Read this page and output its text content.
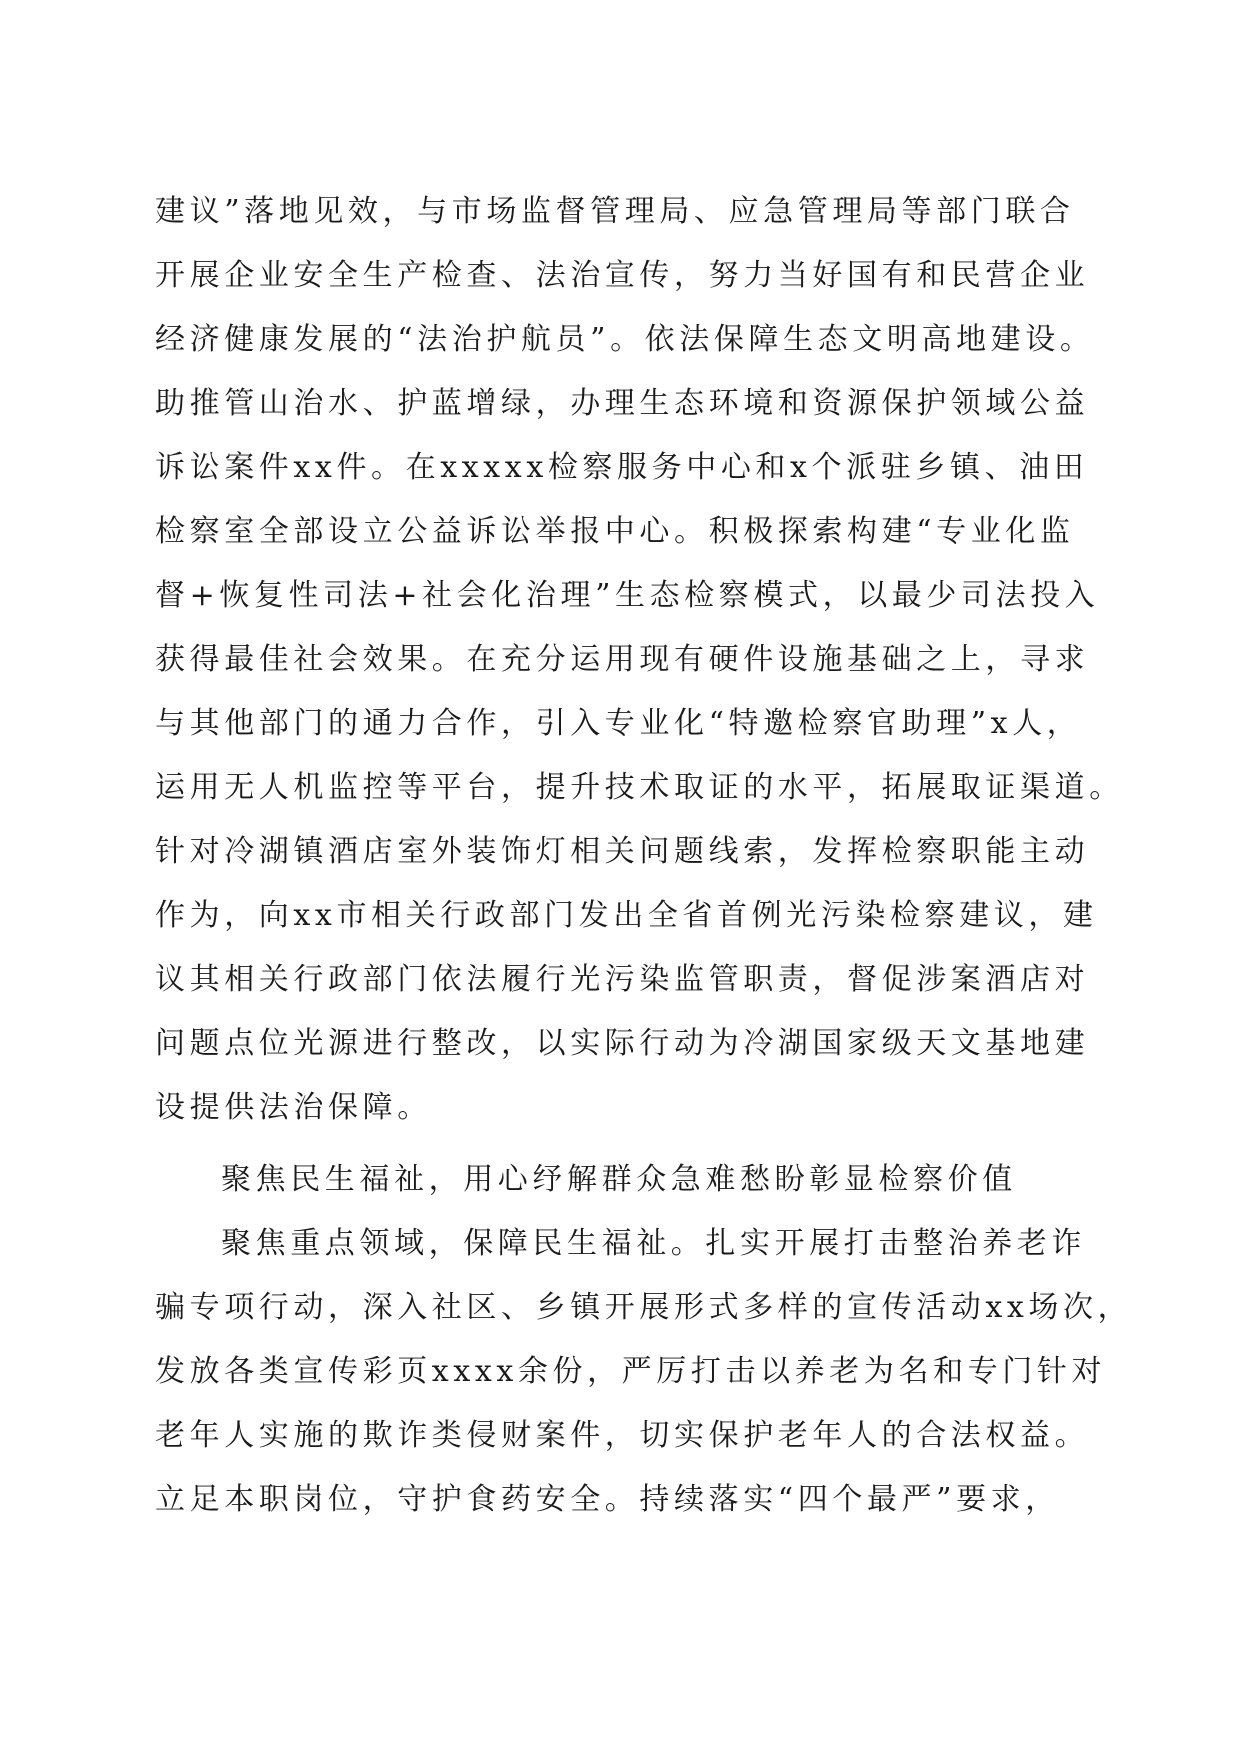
建议”落地见效，与市场监督管理局、应急管理局等部门联合
开展企业安全生产检查、法治宣传，努力当好国有和民营企业
经济健康发展的“法治护航员”。依法保障生态文明高地建设。
助推管山治水、护蓝增绿，办理生态环境和资源保护领域公益
诉讼案件xx件。在xxxxx检察服务中心和x个派驻乡镇、油田
检察室全部设立公益诉讼举报中心。积极探索构建“专业化监
督+恢复性司法+社会化治理”生态检察模式，以最少司法投入
获得最佳社会效果。在充分运用现有硬件设施基础之上，寻求
与其他部门的通力合作，引入专业化“特邀检察官助理”x人，
运用无人机监控等平台，提升技术取证的水平，拓展取证渠道。
针对冷湖镇酒店室外装饰灯相关问题线索，发挥检察职能主动
作为，向xx市相关行政部门发出全省首例光污染检察建议，建
议其相关行政部门依法履行光污染监管职责，督促涉案酒店对
问题点位光源进行整改，以实际行动为冷湖国家级天文基地建
设提供法治保障。
聚焦民生福祉，用心纾解群众急难愁盼彰显检察价值
聚焦重点领域，保障民生福祉。扎实开展打击整治养老诈
骗专项行动，深入社区、乡镇开展形式多样的宣传活动xx场次，
发放各类宣传彩页xxxx余份，严厉打击以养老为名和专门针对
老年人实施的欺诈类侵财案件，切实保护老年人的合法权益。
立足本职岗位，守护食药安全。持续落实“四个最严”要求，
